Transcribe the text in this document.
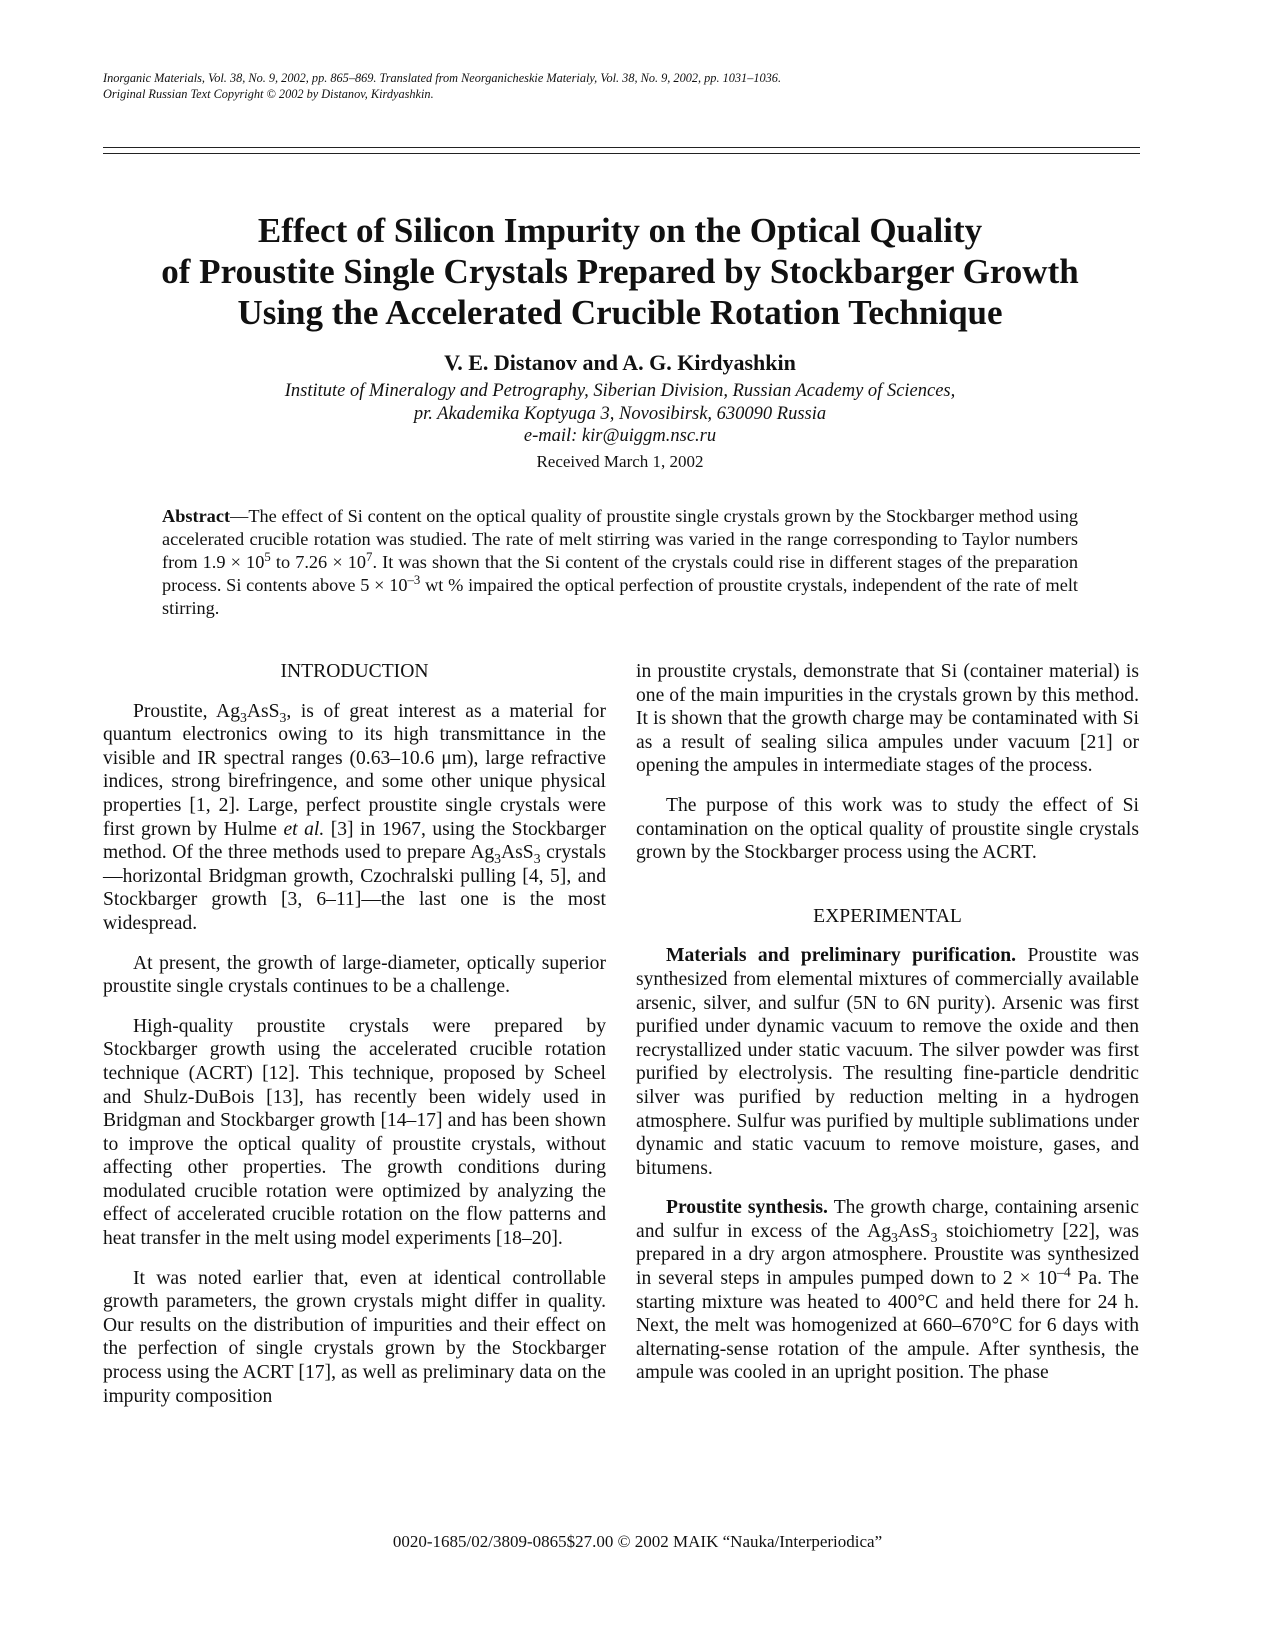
Inorganic Materials, Vol. 38, No. 9, 2002, pp. 865–869. Translated from Neorganicheskie Materialy, Vol. 38, No. 9, 2002, pp. 1031–1036.
Original Russian Text Copyright © 2002 by Distanov, Kirdyashkin.
Effect of Silicon Impurity on the Optical Quality
of Proustite Single Crystals Prepared by Stockbarger Growth
Using the Accelerated Crucible Rotation Technique
V. E. Distanov and A. G. Kirdyashkin
Institute of Mineralogy and Petrography, Siberian Division, Russian Academy of Sciences,
pr. Akademika Koptyuga 3, Novosibirsk, 630090 Russia
e-mail: kir@uiggm.nsc.ru
Received March 1, 2002
Abstract—The effect of Si content on the optical quality of proustite single crystals grown by the Stockbarger method using accelerated crucible rotation was studied. The rate of melt stirring was varied in the range corresponding to Taylor numbers from $1.9 \times 10^5$ to $7.26 \times 10^7$. It was shown that the Si content of the crystals could rise in different stages of the preparation process. Si contents above $5 \times 10^{-3}$ wt % impaired the optical perfection of proustite crystals, independent of the rate of melt stirring.
INTRODUCTION

Proustite, $Ag_3AsS_3$, is of great interest as a material for quantum electronics owing to its high transmittance in the visible and IR spectral ranges (0.63–10.6 μm), large refractive indices, strong birefringence, and some other unique physical properties [1, 2]. Large, perfect proustite single crystals were first grown by Hulme et al. [3] in 1967, using the Stockbarger method. Of the three methods used to prepare $Ag_3AsS_3$ crystals—horizontal Bridgman growth, Czochralski pulling [4, 5], and Stockbarger growth [3, 6–11]—the last one is the most widespread.

At present, the growth of large-diameter, optically superior proustite single crystals continues to be a challenge.

High-quality proustite crystals were prepared by Stockbarger growth using the accelerated crucible rotation technique (ACRT) [12]. This technique, proposed by Scheel and Shulz-DuBois [13], has recently been widely used in Bridgman and Stockbarger growth [14–17] and has been shown to improve the optical quality of proustite crystals, without affecting other properties. The growth conditions during modulated crucible rotation were optimized by analyzing the effect of accelerated crucible rotation on the flow patterns and heat transfer in the melt using model experiments [18–20].

It was noted earlier that, even at identical controllable growth parameters, the grown crystals might differ in quality. Our results on the distribution of impurities and their effect on the perfection of single crystals grown by the Stockbarger process using the ACRT [17], as well as preliminary data on the impurity composition

in proustite crystals, demonstrate that Si (container material) is one of the main impurities in the crystals grown by this method. It is shown that the growth charge may be contaminated with Si as a result of sealing silica ampules under vacuum [21] or opening the ampules in intermediate stages of the process.

The purpose of this work was to study the effect of Si contamination on the optical quality of proustite single crystals grown by the Stockbarger process using the ACRT.

EXPERIMENTAL

Materials and preliminary purification. Proustite was synthesized from elemental mixtures of commercially available arsenic, silver, and sulfur (5N to 6N purity). Arsenic was first purified under dynamic vacuum to remove the oxide and then recrystallized under static vacuum. The silver powder was first purified by electrolysis. The resulting fine-particle dendritic silver was purified by reduction melting in a hydrogen atmosphere. Sulfur was purified by multiple sublimations under dynamic and static vacuum to remove moisture, gases, and bitumens.

Proustite synthesis. The growth charge, containing arsenic and sulfur in excess of the $Ag_3AsS_3$ stoichiometry [22], was prepared in a dry argon atmosphere. Proustite was synthesized in several steps in ampules pumped down to $2 \times 10^{-4}$ Pa. The starting mixture was heated to 400°C and held there for 24 h. Next, the melt was homogenized at 660–670°C for 6 days with alternating-sense rotation of the ampule. After synthesis, the ampule was cooled in an upright position. The phase

0020-1685/02/3809-0865$27.00 © 2002 MAIK “Nauka/Interperiodica”
